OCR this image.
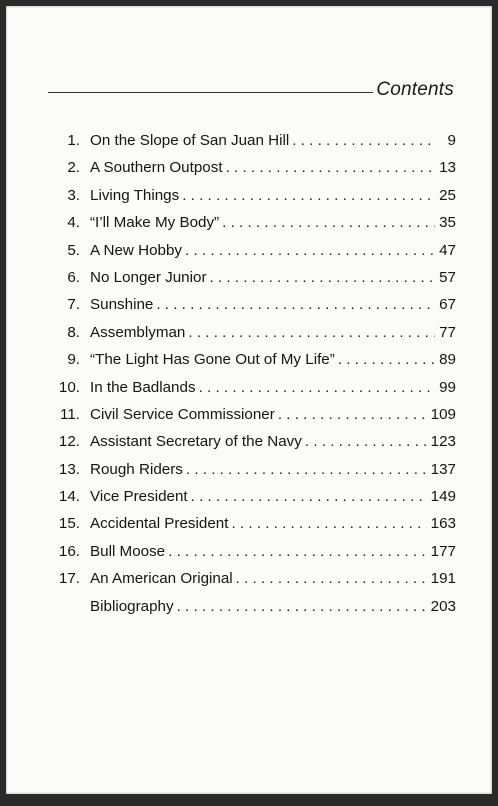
Contents
1. On the Slope of San Juan Hill . . .	9
2. A Southern Outpost . . .	13
3. Living Things . . .	25
4. “I’ll Make My Body” . . .	35
5. A New Hobby . . .	47
6. No Longer Junior . . .	57
7. Sunshine . . .	67
8. Assemblyman . . .	77
9. “The Light Has Gone Out of My Life” . . .	89
10. In the Badlands . . .	99
11. Civil Service Commissioner . . .	109
12. Assistant Secretary of the Navy . . .	123
13. Rough Riders . . .	137
14. Vice President . . .	149
15. Accidental President . . .	163
16. Bull Moose . . .	177
17. An American Original . . .	191
Bibliography . . .	203
